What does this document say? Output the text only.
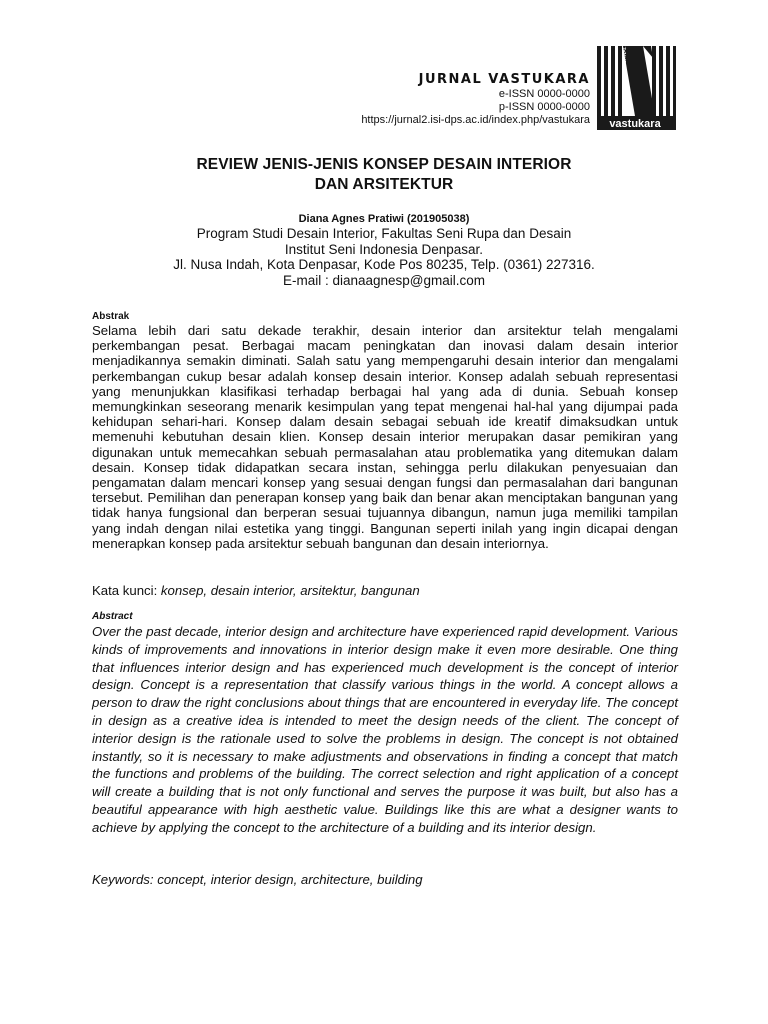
JURNAL VASTUKARA
e-ISSN 0000-0000
p-ISSN 0000-0000
https://jurnal2.isi-dps.ac.id/index.php/vastukara vastukara
JURNAL
REVIEW JENIS-JENIS KONSEP DESAIN INTERIOR
DAN ARSITEKTUR
Diana Agnes Pratiwi (201905038)
Program Studi Desain Interior, Fakultas Seni Rupa dan Desain
Institut Seni Indonesia Denpasar.
Jl. Nusa Indah, Kota Denpasar, Kode Pos 80235, Telp. (0361) 227316.
E-mail : dianaagnesp@gmail.com
Abstrak

Selama lebih dari satu dekade terakhir, desain interior dan arsitektur telah mengalami perkembangan pesat. Berbagai macam peningkatan dan inovasi dalam desain interior menjadikannya semakin diminati. Salah satu yang mempengaruhi desain interior dan mengalami perkembangan cukup besar adalah konsep desain interior. Konsep adalah sebuah representasi yang menunjukkan klasifikasi terhadap berbagai hal yang ada di dunia. Sebuah konsep memungkinkan seseorang menarik kesimpulan yang tepat mengenai hal-hal yang dijumpai pada kehidupan sehari-hari. Konsep dalam desain sebagai sebuah ide kreatif dimaksudkan untuk memenuhi kebutuhan desain klien. Konsep desain interior merupakan dasar pemikiran yang digunakan untuk memecahkan sebuah permasalahan atau problematika yang ditemukan dalam desain. Konsep tidak didapatkan secara instan, sehingga perlu dilakukan penyesuaian dan pengamatan dalam mencari konsep yang sesuai dengan fungsi dan permasalahan dari bangunan tersebut. Pemilihan dan penerapan konsep yang baik dan benar akan menciptakan bangunan yang tidak hanya fungsional dan berperan sesuai tujuannya dibangun, namun juga memiliki tampilan yang indah dengan nilai estetika yang tinggi. Bangunan seperti inilah yang ingin dicapai dengan menerapkan konsep pada arsitektur sebuah bangunan dan desain interiornya.

Kata kunci: konsep, desain interior, arsitektur, bangunan

Abstract

Over the past decade, interior design and architecture have experienced rapid development. Various kinds of improvements and innovations in interior design make it even more desirable. One thing that influences interior design and has experienced much development is the concept of interior design. Concept is a representation that classify various things in the world. A concept allows a person to draw the right conclusions about things that are encountered in everyday life. The concept in design as a creative idea is intended to meet the design needs of the client. The concept of interior design is the rationale used to solve the problems in design. The concept is not obtained instantly, so it is necessary to make adjustments and observations in finding a concept that match the functions and problems of the building. The correct selection and right application of a concept will create a building that is not only functional and serves the purpose it was built, but also has a beautiful appearance with high aesthetic value. Buildings like this are what a designer wants to achieve by applying the concept to the architecture of a building and its interior design.

Keywords: concept, interior design, architecture, building
